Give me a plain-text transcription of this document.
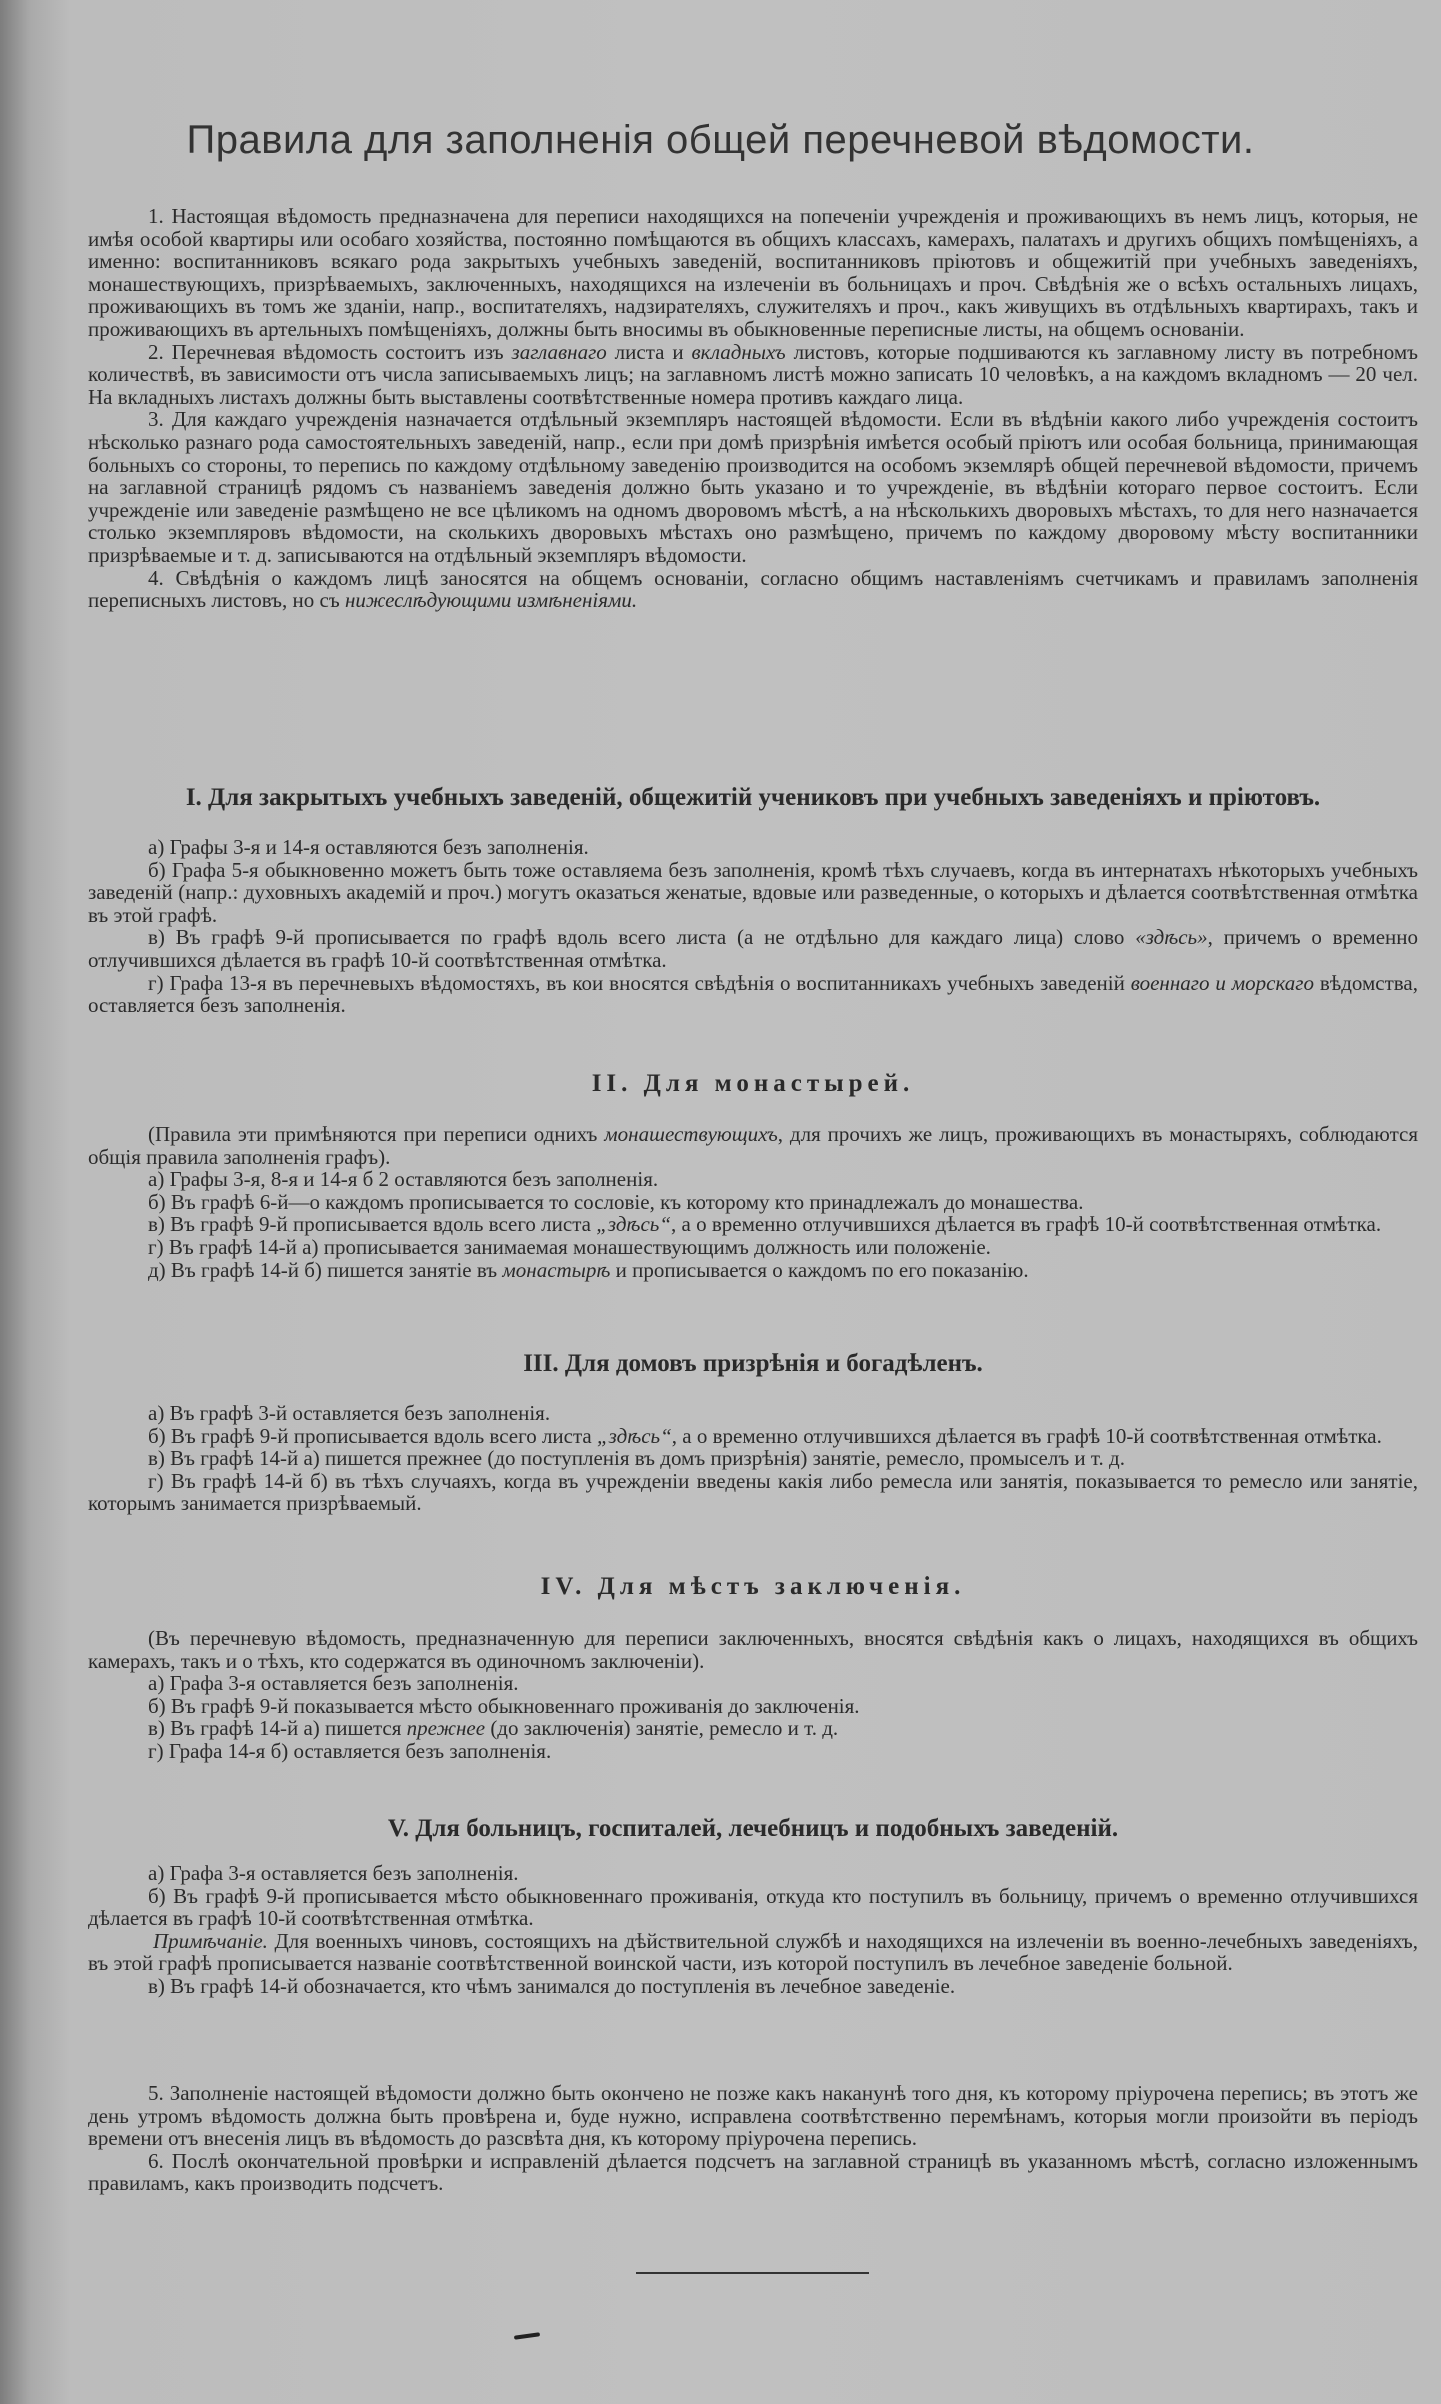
Правила для заполненія общей перечневой вѣдомости.

1. Настоящая вѣдомость предназначена для переписи находящихся на попеченіи учрежденія и проживающихъ въ немъ лицъ, которыя, не имѣя особой квартиры или особаго хозяйства, постоянно помѣщаются въ общихъ классахъ, камерахъ, палатахъ и другихъ общихъ помѣщеніяхъ, а именно: воспитанниковъ всякаго рода закрытыхъ учебныхъ заведеній, воспитанниковъ пріютовъ и общежитій при учебныхъ заведеніяхъ, монашествующихъ, призрѣваемыхъ, заключенныхъ, находящихся на излеченіи въ больницахъ и проч. Свѣдѣнія же о всѣхъ остальныхъ лицахъ, проживающихъ въ томъ же зданіи, напр., воспитателяхъ, надзирателяхъ, служителяхъ и проч., какъ живущихъ въ отдѣльныхъ квартирахъ, такъ и проживающихъ въ артельныхъ помѣщеніяхъ, должны быть вносимы въ обыкновенные переписные листы, на общемъ основаніи.

2. Перечневая вѣдомость состоитъ изъ заглавнаго листа и вкладныхъ листовъ, которые подшиваются къ заглавному листу въ потребномъ количествѣ, въ зависимости отъ числа записываемыхъ лицъ; на заглавномъ листѣ можно записать 10 человѣкъ, а на каждомъ вкладномъ — 20 чел. На вкладныхъ листахъ должны быть выставлены соотвѣтственные номера противъ каждаго лица.

3. Для каждаго учрежденія назначается отдѣльный экземпляръ настоящей вѣдомости. Если въ вѣдѣніи какого либо учрежденія состоитъ нѣсколько разнаго рода самостоятельныхъ заведеній, напр., если при домѣ призрѣнія имѣется особый пріютъ или особая больница, принимающая больныхъ со стороны, то перепись по каждому отдѣльному заведенію производится на особомъ экземлярѣ общей перечневой вѣдомости, причемъ на заглавной страницѣ рядомъ съ названіемъ заведенія должно быть указано и то учрежденіе, въ вѣдѣніи котораго первое состоитъ. Если учрежденіе или заведеніе размѣщено не все цѣликомъ на одномъ дворовомъ мѣстѣ, а на нѣсколькихъ дворовыхъ мѣстахъ, то для него назначается столько экземпляровъ вѣдомости, на сколькихъ дворовыхъ мѣстахъ оно размѣщено, причемъ по каждому дворовому мѣсту воспитанники призрѣваемые и т. д. записываются на отдѣльный экземпляръ вѣдомости.

4. Свѣдѣнія о каждомъ лицѣ заносятся на общемъ основаніи, согласно общимъ наставленіямъ счетчикамъ и правиламъ заполненія переписныхъ листовъ, но съ нижеслѣдующими измѣненіями.

I. Для закрытыхъ учебныхъ заведеній, общежитій учениковъ при учебныхъ заведеніяхъ и пріютовъ.

а) Графы 3-я и 14-я оставляются безъ заполненія.

б) Графа 5-я обыкновенно можетъ быть тоже оставляема безъ заполненія, кромѣ тѣхъ случаевъ, когда въ интернатахъ нѣкоторыхъ учебныхъ заведеній (напр.: духовныхъ академій и проч.) могутъ оказаться женатые, вдовые или разведенные, о которыхъ и дѣлается соотвѣтственная отмѣтка въ этой графѣ.

в) Въ графѣ 9-й прописывается по графѣ вдоль всего листа (а не отдѣльно для каждаго лица) слово «здѣсь», причемъ о временно отлучившихся дѣлается въ графѣ 10-й соотвѣтственная отмѣтка.

г) Графа 13-я въ перечневыхъ вѣдомостяхъ, въ кои вносятся свѣдѣнія о воспитанникахъ учебныхъ заведеній военнаго и морскаго вѣдомства, оставляется безъ заполненія.

II. Для монастырей.

(Правила эти примѣняются при переписи однихъ монашествующихъ, для прочихъ же лицъ, проживающихъ въ монастыряхъ, соблюдаются общія правила заполненія графъ).

а) Графы 3-я, 8-я и 14-я б 2 оставляются безъ заполненія.

б) Въ графѣ 6-й—о каждомъ прописывается то сословіе, къ которому кто принадлежалъ до монашества.

в) Въ графѣ 9-й прописывается вдоль всего листа „здѣсь“, а о временно отлучившихся дѣлается въ графѣ 10-й соотвѣтственная отмѣтка.

г) Въ графѣ 14-й а) прописывается занимаемая монашествующимъ должность или положеніе.

д) Въ графѣ 14-й б) пишется занятіе въ монастырѣ и прописывается о каждомъ по его показанію.

III. Для домовъ призрѣнія и богадѣленъ.

а) Въ графѣ 3-й оставляется безъ заполненія.

б) Въ графѣ 9-й прописывается вдоль всего листа „здѣсь“, а о временно отлучившихся дѣлается въ графѣ 10-й соотвѣтственная отмѣтка.

в) Въ графѣ 14-й а) пишется прежнее (до поступленія въ домъ призрѣнія) занятіе, ремесло, промыселъ и т. д.

г) Въ графѣ 14-й б) въ тѣхъ случаяхъ, когда въ учрежденіи введены какія либо ремесла или занятія, показывается то ремесло или занятіе, которымъ занимается призрѣваемый.

IV. Для мѣстъ заключенія.

(Въ перечневую вѣдомость, предназначенную для переписи заключенныхъ, вносятся свѣдѣнія какъ о лицахъ, находящихся въ общихъ камерахъ, такъ и о тѣхъ, кто содержатся въ одиночномъ заключеніи).

а) Графа 3-я оставляется безъ заполненія.

б) Въ графѣ 9-й показывается мѣсто обыкновеннаго проживанія до заключенія.

в) Въ графѣ 14-й а) пишется прежнее (до заключенія) занятіе, ремесло и т. д.

г) Графа 14-я б) оставляется безъ заполненія.

V. Для больницъ, госпиталей, лечебницъ и подобныхъ заведеній.

а) Графа 3-я оставляется безъ заполненія.

б) Въ графѣ 9-й прописывается мѣсто обыкновеннаго проживанія, откуда кто поступилъ въ больницу, причемъ о временно отлучившихся дѣлается въ графѣ 10-й соотвѣтственная отмѣтка.

Примѣчаніе. Для военныхъ чиновъ, состоящихъ на дѣйствительной службѣ и находящихся на излеченіи въ военно-лечебныхъ заведеніяхъ, въ этой графѣ прописывается названіе соотвѣтственной воинской части, изъ которой поступилъ въ лечебное заведеніе больной.

в) Въ графѣ 14-й обозначается, кто чѣмъ занимался до поступленія въ лечебное заведеніе.

5. Заполненіе настоящей вѣдомости должно быть окончено не позже какъ наканунѣ того дня, къ которому пріурочена перепись; въ этотъ же день утромъ вѣдомость должна быть провѣрена и, буде нужно, исправлена соотвѣтственно перемѣнамъ, которыя могли произойти въ періодъ времени отъ внесенія лицъ въ вѣдомость до разсвѣта дня, къ которому пріурочена перепись.

6. Послѣ окончательной провѣрки и исправленій дѣлается подсчетъ на заглавной страницѣ въ указанномъ мѣстѣ, согласно изложеннымъ правиламъ, какъ производить подсчетъ.
